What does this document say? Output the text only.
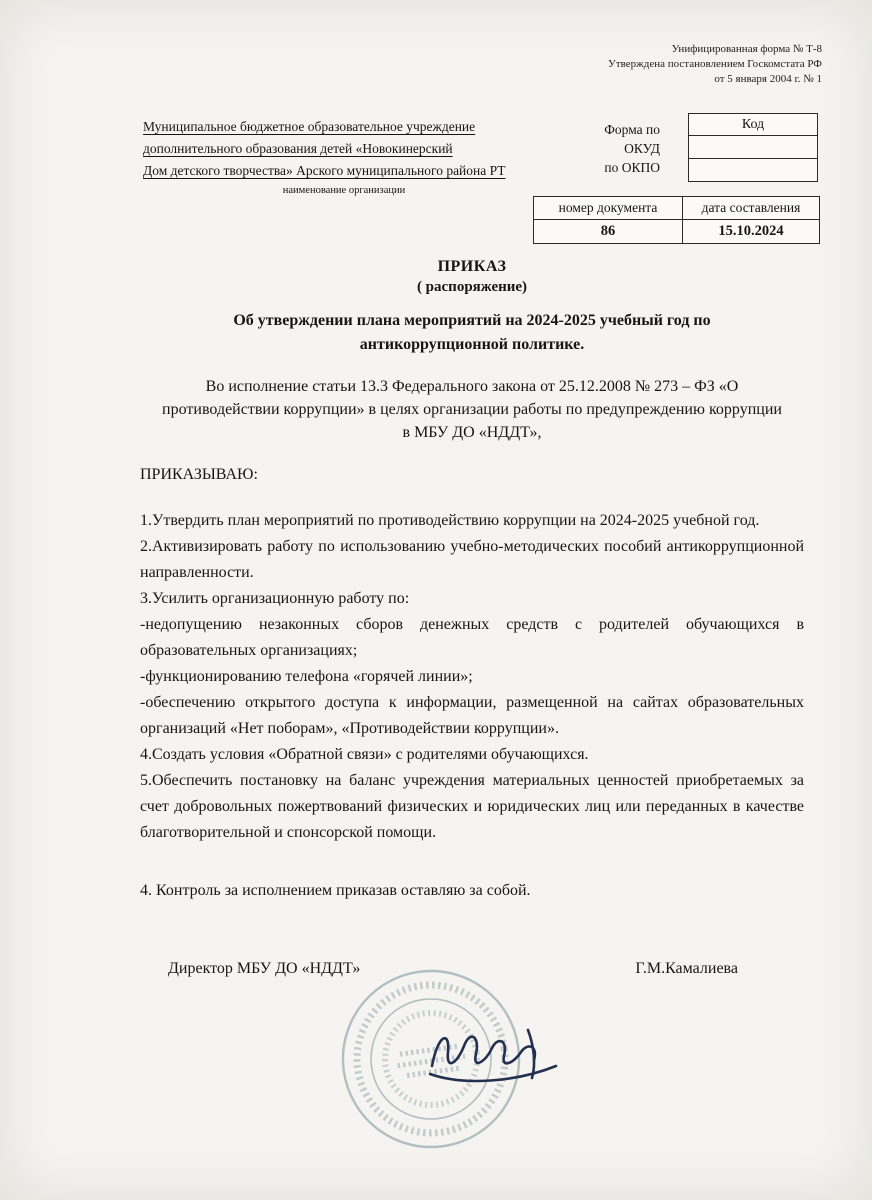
Унифицированная форма № Т-8
Утверждена постановлением Госкомстата РФ
от 5 января 2004 г. № 1
Муниципальное бюджетное образовательное учреждение
дополнительного образования детей «Новокинерский
Дом детского творчества» Арского муниципального района РТ
наименование организации
Форма по
ОКУД
по ОКПО
Код
номер документа	дата составления
86	15.10.2024
ПРИКАЗ
( распоряжение)
Об утверждении плана мероприятий на 2024-2025 учебный год по
антикоррупционной политике.

Во исполнение статьи 13.3 Федерального закона от 25.12.2008 № 273 – ФЗ «О противодействии коррупции» в целях организации работы по предупреждению коррупции в МБУ ДО «НДДТ»,

ПРИКАЗЫВАЮ:
1.Утвердить план мероприятий по противодействию коррупции на 2024-2025 учебной год.
2.Активизировать работу по использованию учебно-методических пособий антикоррупционной направленности.
3.Усилить организационную работу по:
-недопущению незаконных сборов денежных средств с родителей обучающихся в образовательных организациях;
-функционированию телефона «горячей линии»;
-обеспечению открытого доступа к информации, размещенной на сайтах образовательных организаций «Нет поборам», «Противодействии коррупции».
4.Создать условия «Обратной связи» с родителями обучающихся.
5.Обеспечить постановку на баланс учреждения материальных ценностей приобретаемых за счет добровольных пожертвований физических и юридических лиц или переданных в качестве благотворительной и спонсорской помощи.

4. Контроль за исполнением приказав оставляю за собой.

Директор МБУ ДО «НДДТ»	Г.М.Камалиева
